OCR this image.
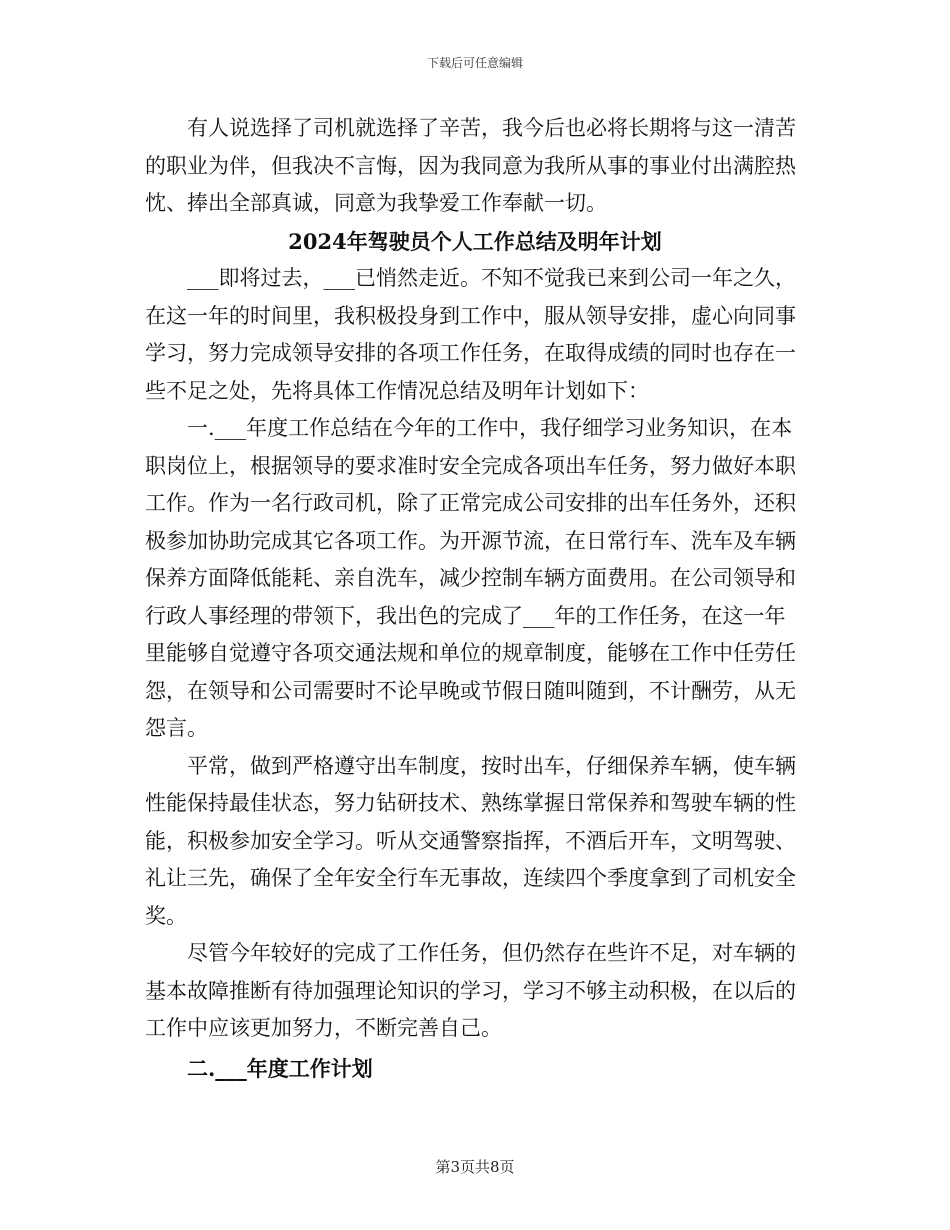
下载后可任意编辑

有人说选择了司机就选择了辛苦，我今后也必将长期将与这一清苦的职业为伴，但我决不言悔，因为我同意为我所从事的事业付出满腔热忱、捧出全部真诚，同意为我挚爱工作奉献一切。

2024年驾驶员个人工作总结及明年计划

___即将过去，___已悄然走近。不知不觉我已来到公司一年之久，在这一年的时间里，我积极投身到工作中，服从领导安排，虚心向同事学习，努力完成领导安排的各项工作任务，在取得成绩的同时也存在一些不足之处，先将具体工作情况总结及明年计划如下：

一.___年度工作总结在今年的工作中，我仔细学习业务知识，在本职岗位上，根据领导的要求准时安全完成各项出车任务，努力做好本职工作。作为一名行政司机，除了正常完成公司安排的出车任务外，还积极参加协助完成其它各项工作。为开源节流，在日常行车、洗车及车辆保养方面降低能耗、亲自洗车，减少控制车辆方面费用。在公司领导和行政人事经理的带领下，我出色的完成了___年的工作任务，在这一年里能够自觉遵守各项交通法规和单位的规章制度，能够在工作中任劳任怨，在领导和公司需要时不论早晚或节假日随叫随到，不计酬劳，从无怨言。

平常，做到严格遵守出车制度，按时出车，仔细保养车辆，使车辆性能保持最佳状态，努力钻研技术、熟练掌握日常保养和驾驶车辆的性能，积极参加安全学习。听从交通警察指挥，不酒后开车，文明驾驶、礼让三先，确保了全年安全行车无事故，连续四个季度拿到了司机安全奖。

尽管今年较好的完成了工作任务，但仍然存在些许不足，对车辆的基本故障推断有待加强理论知识的学习，学习不够主动积极，在以后的工作中应该更加努力，不断完善自己。

二.___年度工作计划

第3页共8页
